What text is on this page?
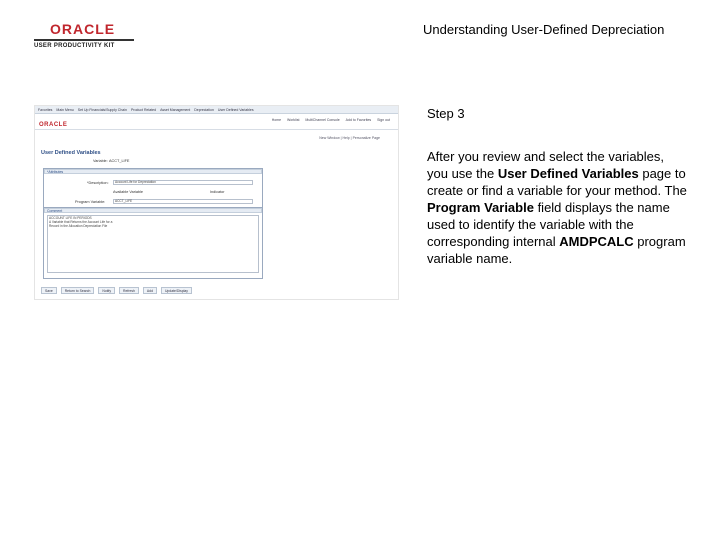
ORACLE
USER PRODUCTIVITY KIT
Understanding User-Defined Depreciation
Favorites Main Menu Set Up Financials/Supply Chain Product Related Asset Management Depreciation User Defined Variables
ORACLE
Home Worklist MultiChannel Console Add to Favorites Sign out
New Window | Help | Personalize Page
User Defined Variables
Variable: ACCT_LIFE
*Attributes
*Description: Account Life for Depreciation
Available Variable	Indicator
Program Variable:	ACCT_LIFE
Comment
ACCOUNT LIFE IN PERIODS
A Variable that Returns the Account Life for a
Record in the Allocation Depreciation File
Save	Return to Search	Notify	Refresh	Add	Update/Display
Step 3
After you review and select the variables, you use the User Defined Variables page to create or find a variable for your method. The Program Variable field displays the name used to identify the variable with the corresponding internal AMDPCALC program variable name.
